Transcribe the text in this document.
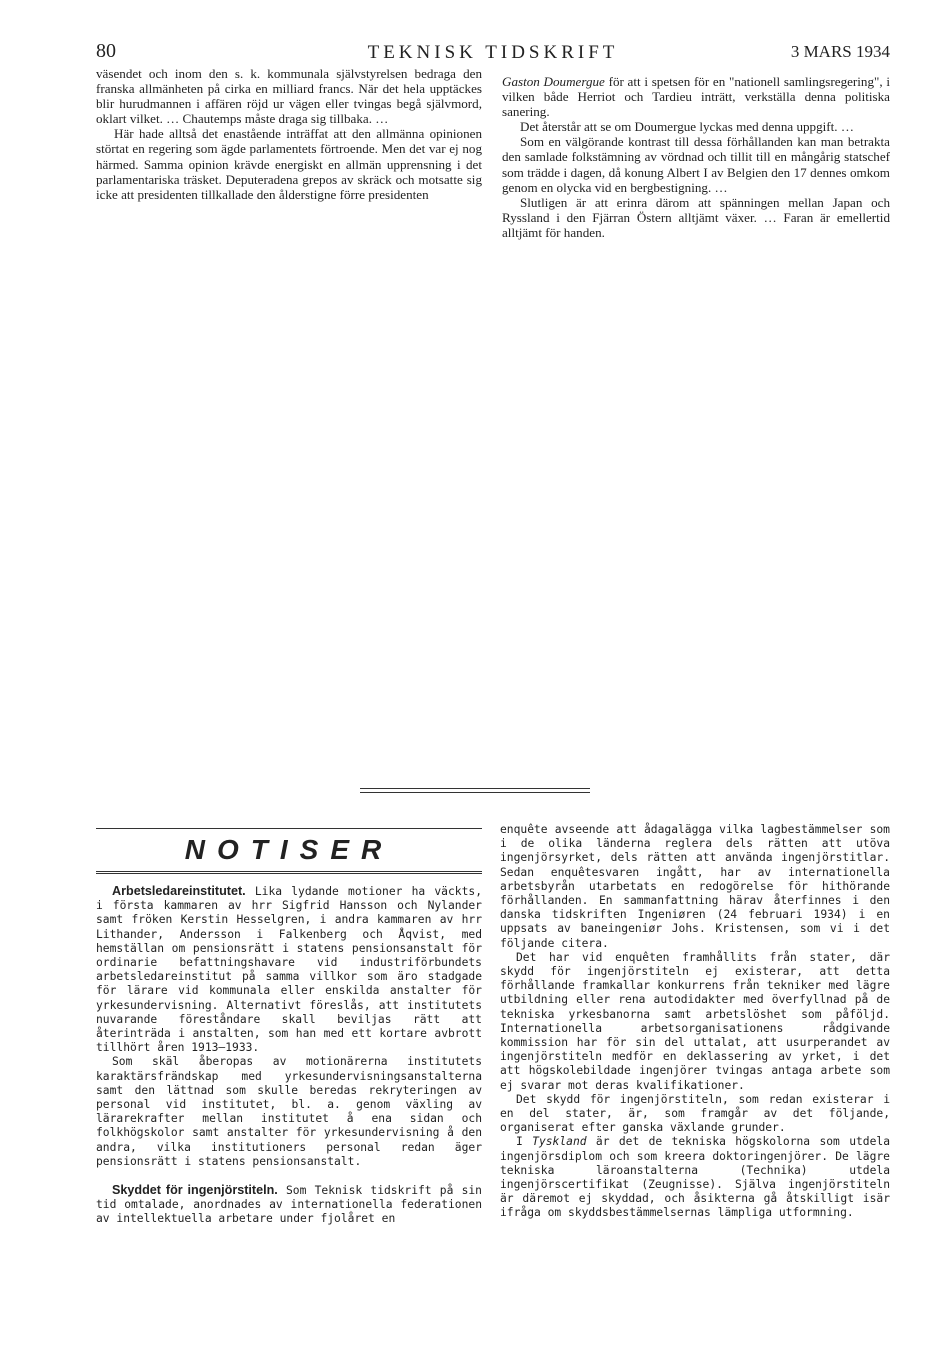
80	TEKNISK TIDSKRIFT	3 MARS 1934

väsendet och inom den s. k. kommunala självstyrelsen bedraga den franska allmänheten på cirka en milliard francs. När det hela upptäckes blir hurudmannen i affären röjd ur vägen eller tvingas begå självmord, oklart vilket. … Chautemps måste draga sig tillbaka. …

Här hade alltså det enastående inträffat att den allmänna opinionen störtat en regering som ägde parlamentets förtroende. Men det var ej nog härmed. Samma opinion krävde energiskt en allmän upprensning i det parlamentariska träsket. Deputeradena grepos av skräck och motsatte sig icke att presidenten tillkallade den ålderstigne förre presidenten

Gaston Doumergue för att i spetsen för en "nationell samlingsregering", i vilken både Herriot och Tardieu inträtt, verkställa denna politiska sanering.

Det återstår att se om Doumergue lyckas med denna uppgift. …

Som en välgörande kontrast till dessa förhållanden kan man betrakta den samlade folkstämning av vördnad och tillit till en mångårig statschef som trädde i dagen, då konung Albert I av Belgien den 17 dennes omkom genom en olycka vid en bergbestigning. …

Slutligen är att erinra därom att spänningen mellan Japan och Ryssland i den Fjärran Östern alltjämt växer. … Faran är emellertid alltjämt för handen.

NOTISER

Arbetsledareinstitutet. Lika lydande motioner ha väckts, i första kammaren av hrr Sigfrid Hansson och Nylander samt fröken Kerstin Hesselgren, i andra kammaren av hrr Lithander, Andersson i Falkenberg och Åqvist, med hemställan om pensionsrätt i statens pensionsanstalt för ordinarie befattningshavare vid industriförbundets arbetsledareinstitut på samma villkor som äro stadgade för lärare vid kommunala eller enskilda anstalter för yrkesundervisning. Alternativt föreslås, att institutets nuvarande föreståndare skall beviljas rätt att återinträda i anstalten, som han med ett kortare avbrott tillhört åren 1913—1933.

Som skäl åberopas av motionärerna institutets karaktärsfrändskap med yrkesundervisningsanstalterna samt den lättnad som skulle beredas rekryteringen av personal vid institutet, bl. a. genom växling av lärarekrafter mellan institutet å ena sidan och folkhögskolor samt anstalter för yrkesundervisning å den andra, vilka institutioners personal redan äger pensionsrätt i statens pensionsanstalt.

Skyddet för ingenjörstiteln. Som Teknisk tidskrift på sin tid omtalade, anordnades av internationella federationen av intellektuella arbetare under fjolåret en

enquête avseende att ådagalägga vilka lagbestämmelser som i de olika länderna reglera dels rätten att utöva ingenjörsyrket, dels rätten att använda ingenjörstitlar. Sedan enquêtesvaren ingått, har av internationella arbetsbyrån utarbetats en redogörelse för hithörande förhållanden. En sammanfattning härav återfinnes i den danska tidskriften Ingeniøren (24 februari 1934) i en uppsats av baneingeniør Johs. Kristensen, som vi i det följande citera.

Det har vid enquêten framhållits från stater, där skydd för ingenjörstiteln ej existerar, att detta förhållande framkallar konkurrens från tekniker med lägre utbildning eller rena autodidakter med överfyllnad på de tekniska yrkesbanorna samt arbetslöshet som påföljd. Internationella arbetsorganisationens rådgivande kommission har för sin del uttalat, att usurperandet av ingenjörstiteln medför en deklassering av yrket, i det att högskolebildade ingenjörer tvingas antaga arbete som ej svarar mot deras kvalifikationer.

Det skydd för ingenjörstiteln, som redan existerar i en del stater, är, som framgår av det följande, organiserat efter ganska växlande grunder.

I Tyskland är det de tekniska högskolorna som utdela ingenjörsdiplom och som kreera doktoringenjörer. De lägre tekniska läroanstalterna (Technika) utdela ingenjörscertifikat (Zeugnisse). Själva ingenjörstiteln är däremot ej skyddad, och åsikterna gå åtskilligt isär ifråga om skyddsbestämmelsernas lämpliga utformning.
